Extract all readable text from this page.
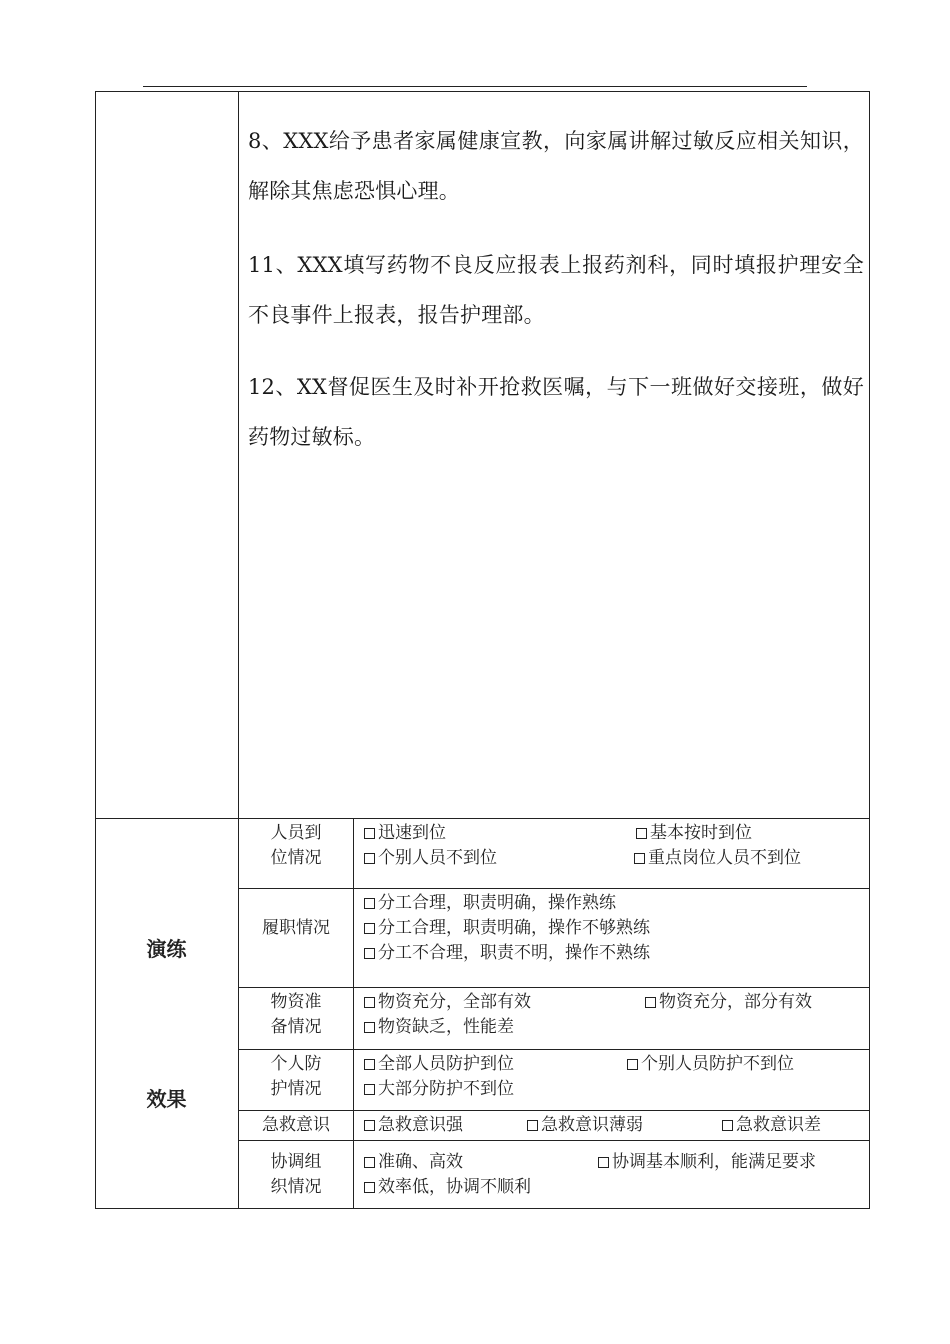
8、XXX给予患者家属健康宣教，向家属讲解过敏反应相关知识，解除其焦虑恐惧心理。
11、XXX填写药物不良反应报表上报药剂科，同时填报护理安全不良事件上报表，报告护理部。
12、XX督促医生及时补开抢救医嘱，与下一班做好交接班，做好药物过敏标。
演练
效果
人员到
位情况
迅速到位	基本按时到位
个别人员不到位	重点岗位人员不到位
履职情况
分工合理，职责明确，操作熟练
分工合理，职责明确，操作不够熟练
分工不合理，职责不明，操作不熟练
物资准
备情况
物资充分，全部有效	物资充分，部分有效
物资缺乏，性能差
个人防
护情况
全部人员防护到位	个别人员防护不到位
大部分防护不到位
急救意识	急救意识强	急救意识薄弱	急救意识差
协调组
织情况
准确、高效	协调基本顺利，能满足要求
效率低，协调不顺利
